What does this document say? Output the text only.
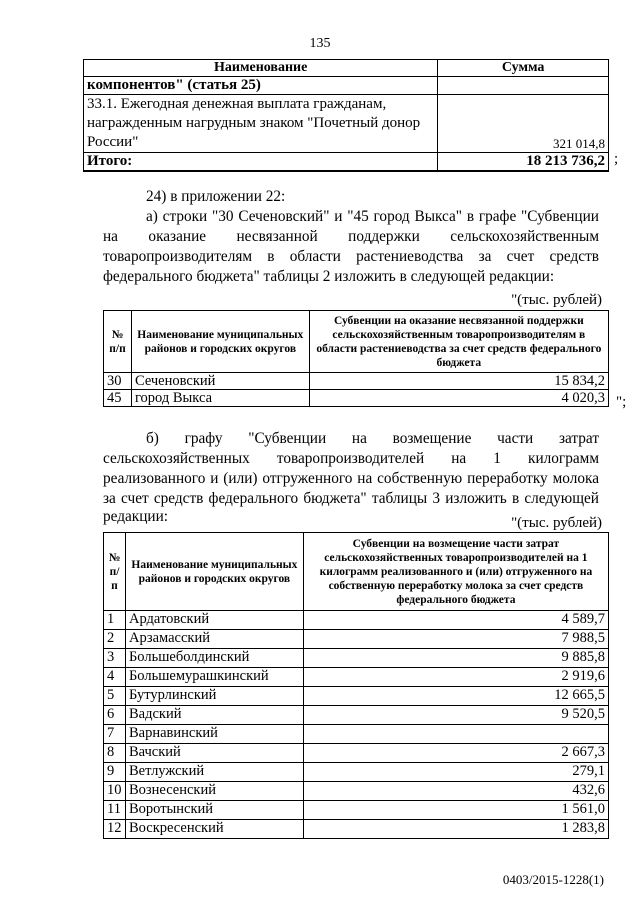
135
Наименование	Сумма
компонентов" (статья 25)	
33.1. Ежегодная денежная выплата гражданам, награжденным нагрудным знаком "Почетный донор России"	321 014,8
Итого:	18 213 736,2 ;
24) в приложении 22:
а) строки "30 Сеченовский" и "45 город Выкса" в графе "Субвенции
на оказание несвязанной поддержки сельскохозяйственным
товаропроизводителям в области растениеводства за счет средств
федерального бюджета" таблицы 2 изложить в следующей редакции:
"(тыс. рублей)
№ п/п	Наименование муниципальных районов и городских округов	Субвенции на оказание несвязанной поддержки сельскохозяйственным товаропроизводителям в области растениеводства за счет средств федерального бюджета
30	Сеченовский	15 834,2
45	город Выкса	4 020,3 ";
б) графу "Субвенции на возмещение части затрат
сельскохозяйственных товаропроизводителей на 1 килограмм
реализованного и (или) отгруженного на собственную переработку молока
за счет средств федерального бюджета" таблицы 3 изложить в следующей
редакции:	"(тыс. рублей)
№ п/п	Наименование муниципальных районов и городских округов	Субвенции на возмещение части затрат сельскохозяйственных товаропроизводителей на 1 килограмм реализованного и (или) отгруженного на собственную переработку молока за счет средств федерального бюджета
1	Ардатовский	4 589,7
2	Арзамасский	7 988,5
3	Большеболдинский	9 885,8
4	Большемурашкинский	2 919,6
5	Бутурлинский	12 665,5
6	Вадский	9 520,5
7	Варнавинский	
8	Вачский	2 667,3
9	Ветлужский	279,1
10	Вознесенский	432,6
11	Воротынский	1 561,0
12	Воскресенский	1 283,8
0403/2015-1228(1)
